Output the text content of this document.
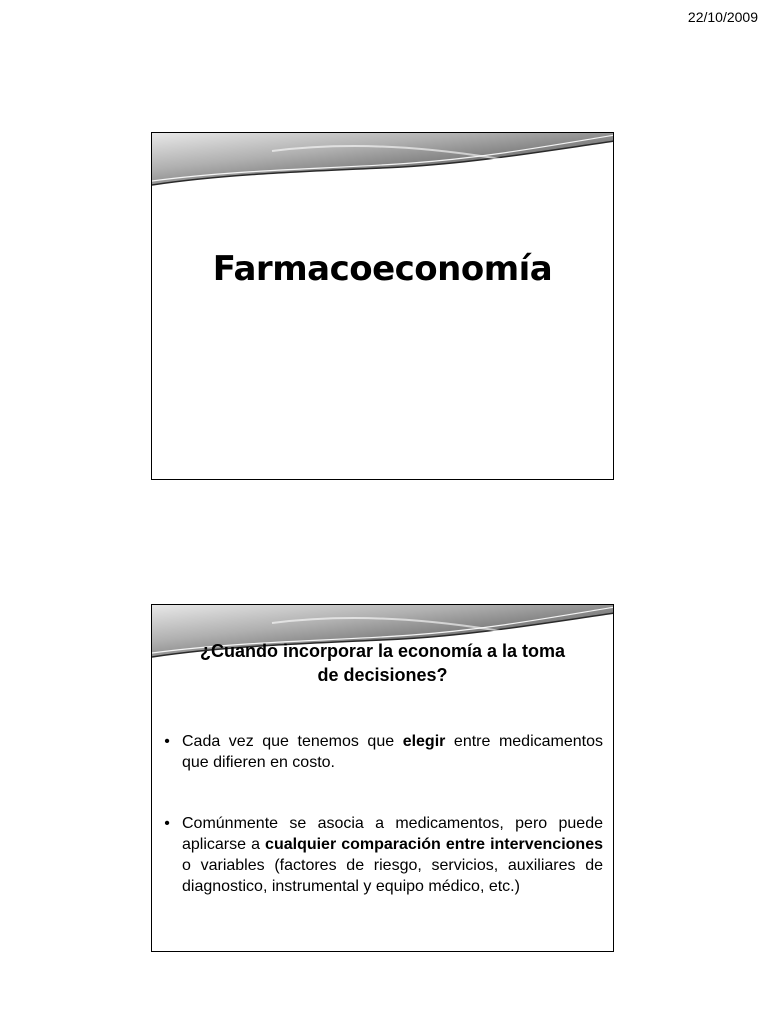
22/10/2009
Farmacoeconomía
¿Cuando incorporar la economía a la toma
de decisiones?
• Cada vez que tenemos que elegir entre medicamentos que difieren en costo.
• Comúnmente se asocia a medicamentos, pero puede aplicarse a cualquier comparación entre intervenciones o variables (factores de riesgo, servicios, auxiliares de diagnostico, instrumental y equipo médico, etc.)
